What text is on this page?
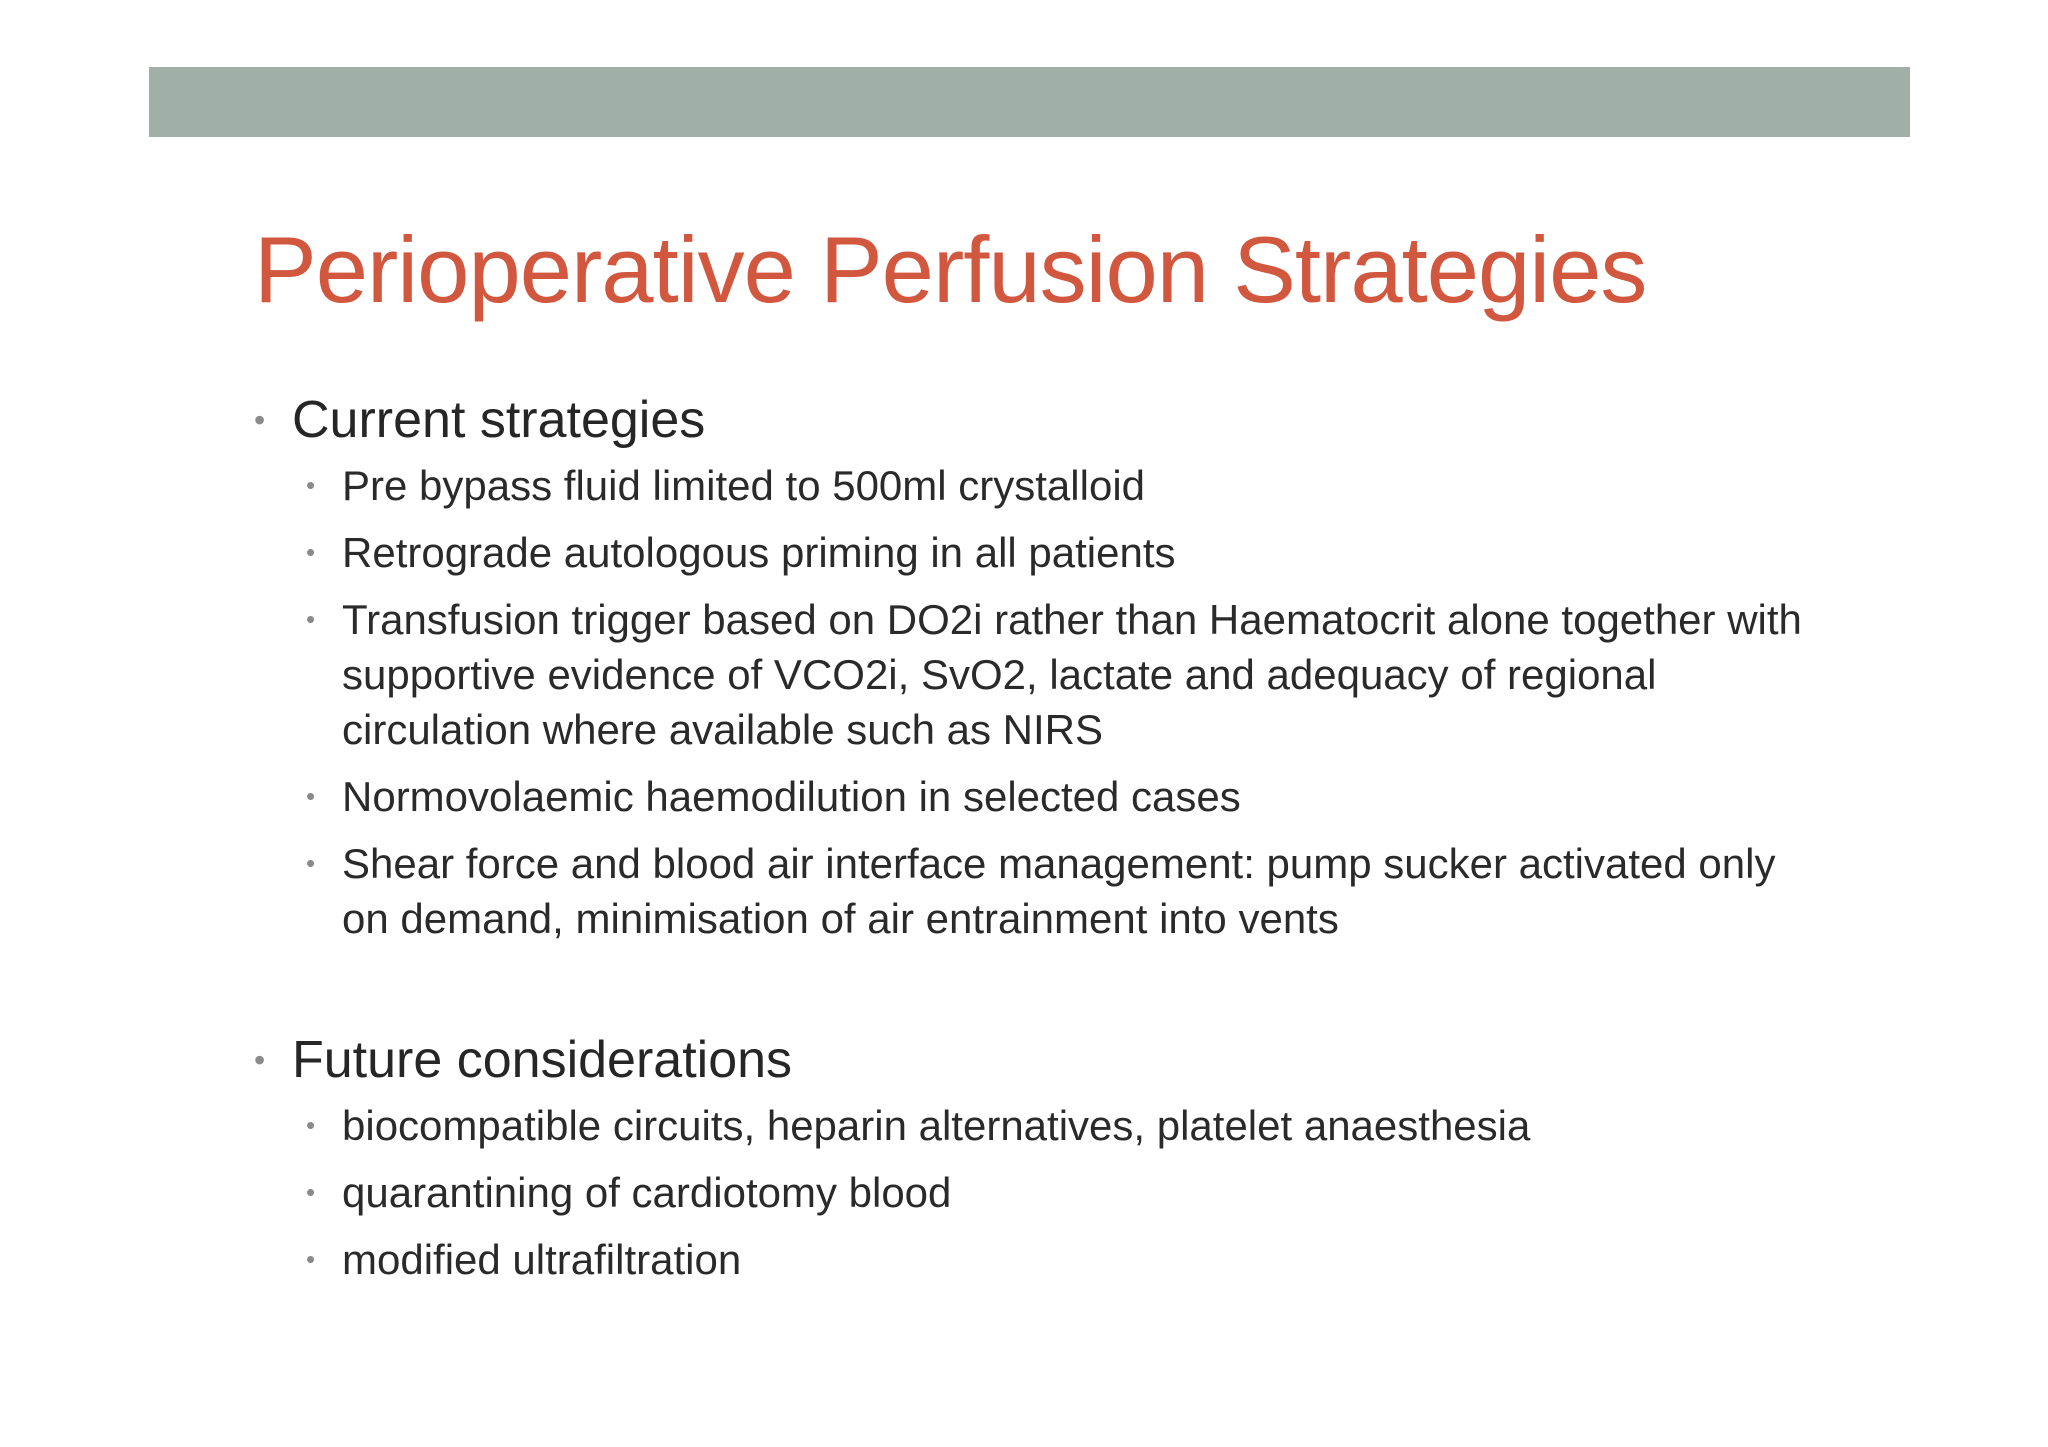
Perioperative Perfusion Strategies
• Current strategies
• Pre bypass fluid limited to 500ml crystalloid
• Retrograde autologous priming in all patients
• Transfusion trigger based on DO2i rather than Haematocrit alone together with supportive evidence of VCO2i, SvO2, lactate and adequacy of regional circulation where available such as NIRS
• Normovolaemic haemodilution in selected cases
• Shear force and blood air interface management: pump sucker activated only on demand, minimisation of air entrainment into vents
• Future considerations
• biocompatible circuits, heparin alternatives, platelet anaesthesia
• quarantining of cardiotomy blood
• modified ultrafiltration
